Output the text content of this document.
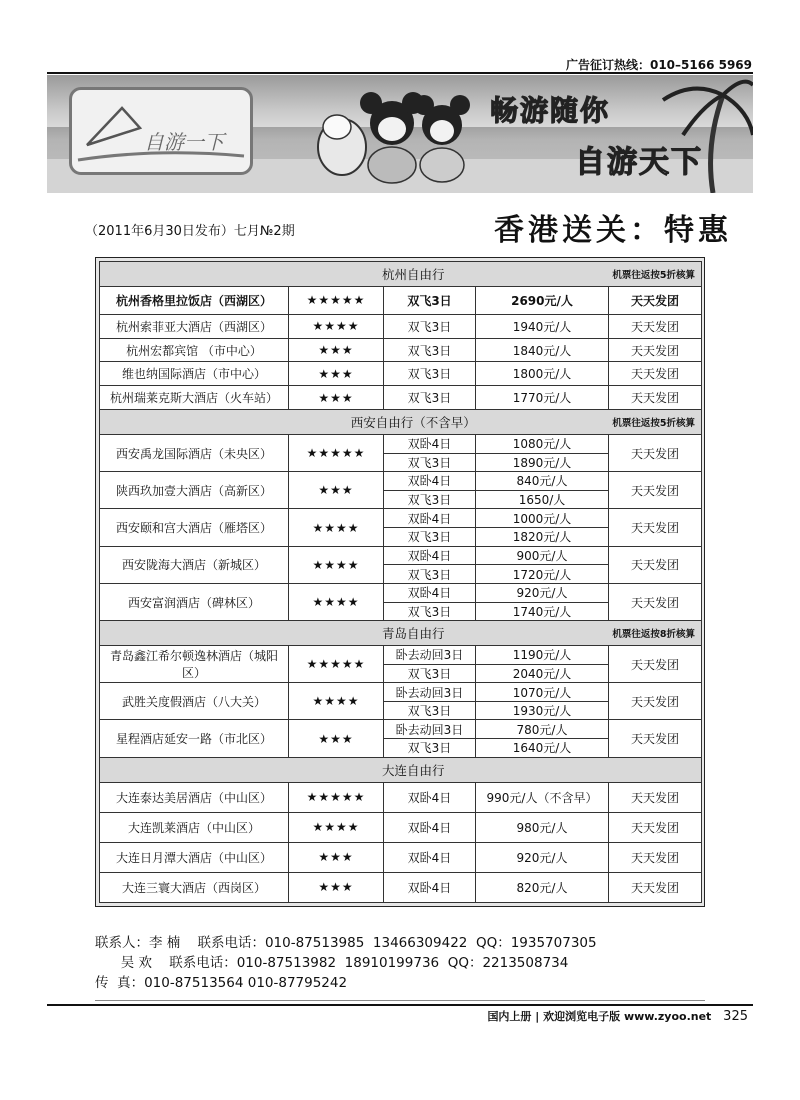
广告征订热线：010–5166 5969
自游一下
畅游随你
自游天下
（2011年6月30日发布）七月№2期	香港送关：特惠
杭州自由行				机票往返按5折核算
杭州香格里拉饭店（西湖区）	★★★★★	双飞3日	2690元/人	天天发团
杭州索菲亚大酒店（西湖区）	★★★★	双飞3日	1940元/人	天天发团
杭州宏都宾馆 （市中心）	★★★	双飞3日	1840元/人	天天发团
维也纳国际酒店（市中心）	★★★	双飞3日	1800元/人	天天发团
杭州瑞莱克斯大酒店（火车站）	★★★	双飞3日	1770元/人	天天发团
西安自由行（不含早）				机票往返按5折核算
西安禹龙国际酒店（未央区）	★★★★★	双卧4日	1080元/人	天天发团
		双飞3日	1890元/人	
陕西玖加壹大酒店（高新区）	★★★	双卧4日	840元/人	天天发团
		双飞3日	1650/人	
西安颐和宫大酒店（雁塔区）	★★★★	双卧4日	1000元/人	天天发团
		双飞3日	1820元/人	
西安陇海大酒店（新城区）	★★★★	双卧4日	900元/人	天天发团
		双飞3日	1720元/人	
西安富润酒店（碑林区）	★★★★	双卧4日	920元/人	天天发团
		双飞3日	1740元/人	
青岛自由行				机票往返按8折核算
青岛鑫江希尔顿逸林酒店（城阳区）	★★★★★	卧去动回3日	1190元/人	天天发团
		双飞3日	2040元/人	
武胜关度假酒店（八大关）	★★★★	卧去动回3日	1070元/人	天天发团
		双飞3日	1930元/人	
星程酒店延安一路（市北区）	★★★	卧去动回3日	780元/人	天天发团
		双飞3日	1640元/人	
大连自由行				
大连泰达美居酒店（中山区）	★★★★★	双卧4日	990元/人（不含早）	天天发团
大连凯莱酒店（中山区）	★★★★	双卧4日	980元/人	天天发团
大连日月潭大酒店（中山区）	★★★	双卧4日	920元/人	天天发团
大连三寰大酒店（西岗区）	★★★	双卧4日	820元/人	天天发团
联系人：李 楠    联系电话：010-87513985  13466309422  QQ：1935707305
吴 欢    联系电话：010-87513982  18910199736  QQ：2213508734
传  真：010-87513564 010-87795242
国内上册 | 欢迎浏览电子版 www.zyoo.net 325
